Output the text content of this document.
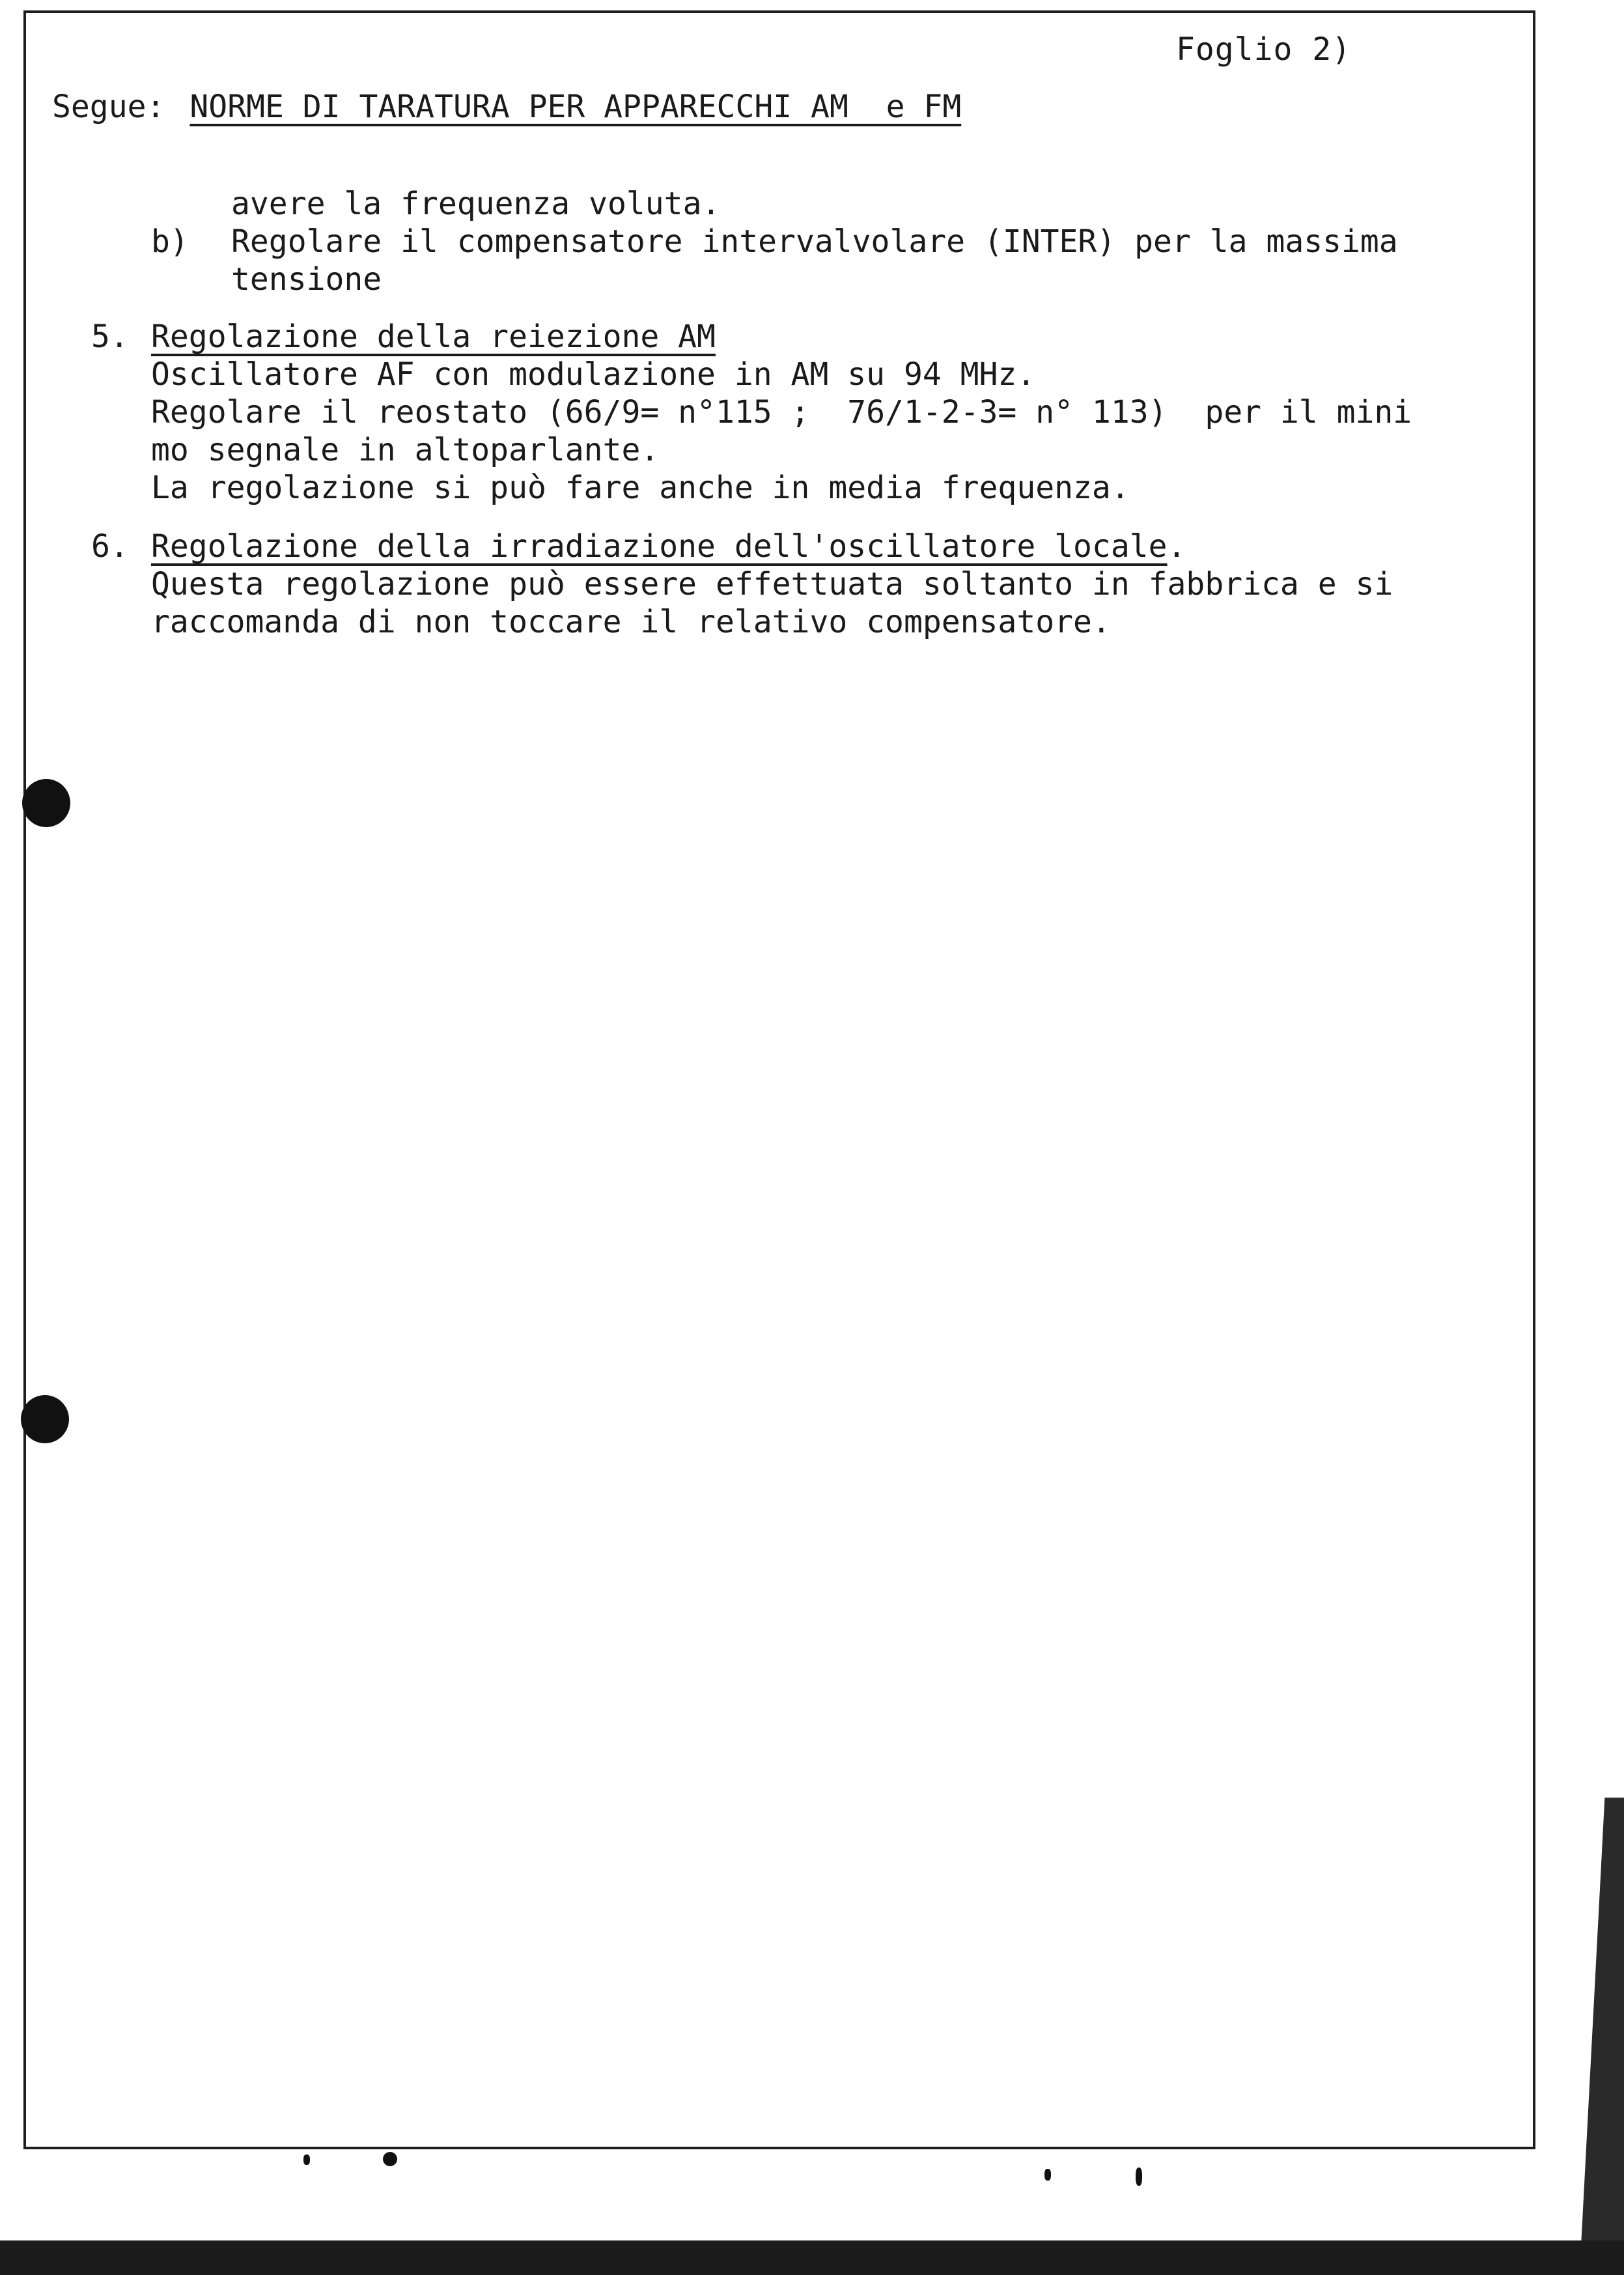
Foglio 2)
Segue: NORME DI TARATURA PER APPARECCHI AM  e FM
avere la frequenza voluta.
b) Regolare il compensatore intervalvolare (INTER) per la massima
tensione
5. Regolazione della reiezione AM
Oscillatore AF con modulazione in AM su 94 MHz.
Regolare il reostato (66/9= n°115 ;  76/1-2-3= n° 113)  per il mini
mo segnale in altoparlante.
La regolazione si può fare anche in media frequenza.
6. Regolazione della irradiazione dell'oscillatore locale.
Questa regolazione può essere effettuata soltanto in fabbrica e si
raccomanda di non toccare il relativo compensatore.
